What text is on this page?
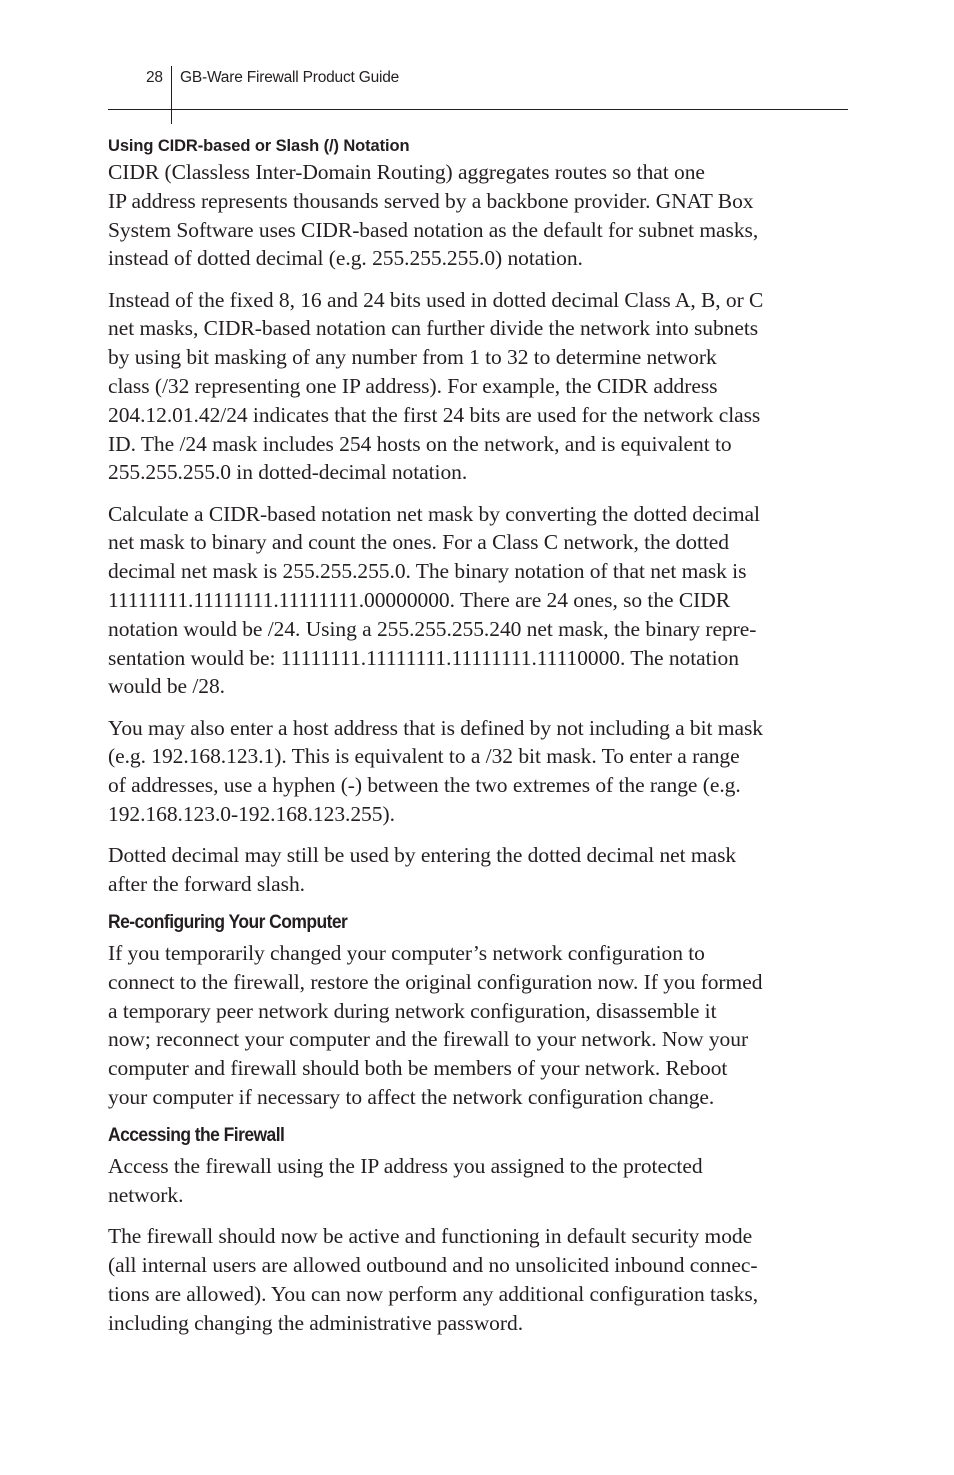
28 GB-Ware Firewall Product Guide
Using CIDR-based or Slash (/) Notation

CIDR (Classless Inter-Domain Routing) aggregates routes so that one
IP address represents thousands served by a backbone provider. GNAT Box
System Software uses CIDR-based notation as the default for subnet masks,
instead of dotted decimal (e.g. 255.255.255.0) notation.

Instead of the fixed 8, 16 and 24 bits used in dotted decimal Class A, B, or C
net masks, CIDR-based notation can further divide the network into subnets
by using bit masking of any number from 1 to 32 to determine network
class (/32 representing one IP address). For example, the CIDR address
204.12.01.42/24 indicates that the first 24 bits are used for the network class
ID. The /24 mask includes 254 hosts on the network, and is equivalent to
255.255.255.0 in dotted-decimal notation.

Calculate a CIDR-based notation net mask by converting the dotted decimal
net mask to binary and count the ones. For a Class C network, the dotted
decimal net mask is 255.255.255.0. The binary notation of that net mask is
11111111.11111111.11111111.00000000. There are 24 ones, so the CIDR
notation would be /24. Using a 255.255.255.240 net mask, the binary repre-
sentation would be: 11111111.11111111.11111111.11110000. The notation
would be /28.

You may also enter a host address that is defined by not including a bit mask
(e.g. 192.168.123.1). This is equivalent to a /32 bit mask. To enter a range
of addresses, use a hyphen (-) between the two extremes of the range (e.g.
192.168.123.0-192.168.123.255).

Dotted decimal may still be used by entering the dotted decimal net mask
after the forward slash.

Re-configuring Your Computer

If you temporarily changed your computer’s network configuration to
connect to the firewall, restore the original configuration now. If you formed
a temporary peer network during network configuration, disassemble it
now; reconnect your computer and the firewall to your network. Now your
computer and firewall should both be members of your network. Reboot
your computer if necessary to affect the network configuration change.

Accessing the Firewall

Access the firewall using the IP address you assigned to the protected
network.

The firewall should now be active and functioning in default security mode
(all internal users are allowed outbound and no unsolicited inbound connec-
tions are allowed). You can now perform any additional configuration tasks,
including changing the administrative password.
